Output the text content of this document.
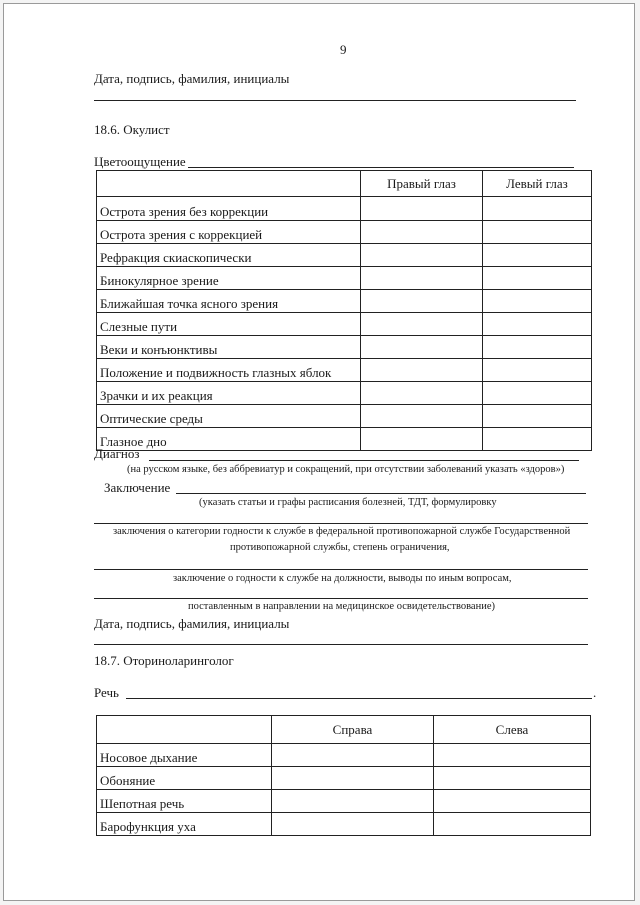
9
Дата, подпись, фамилия, инициалы
18.6. Окулист
Цветоощущение
	Правый глаз	Левый глаз
Острота зрения без коррекции		
Острота зрения с коррекцией		
Рефракция скиаскопически		
Бинокулярное зрение		
Ближайшая точка ясного зрения		
Слезные пути		
Веки и конъюнктивы		
Положение и подвижность глазных яблок		
Зрачки и их реакция		
Оптические среды		
Глазное дно		
Диагноз
(на русском языке, без аббревиатур и сокращений, при отсутствии заболеваний указать «здоров»)
Заключение
(указать статьи и графы расписания болезней, ТДТ, формулировку
заключения о категории годности к службе в федеральной противопожарной службе Государственной
противопожарной службы, степень ограничения,
заключение о годности к службе на должности, выводы по иным вопросам,
поставленным в направлении на медицинское освидетельствование)
Дата, подпись, фамилия, инициалы
18.7. Оториноларинголог
Речь	.
	Справа	Слева
Носовое дыхание		
Обоняние		
Шепотная речь		
Барофункция уха		
